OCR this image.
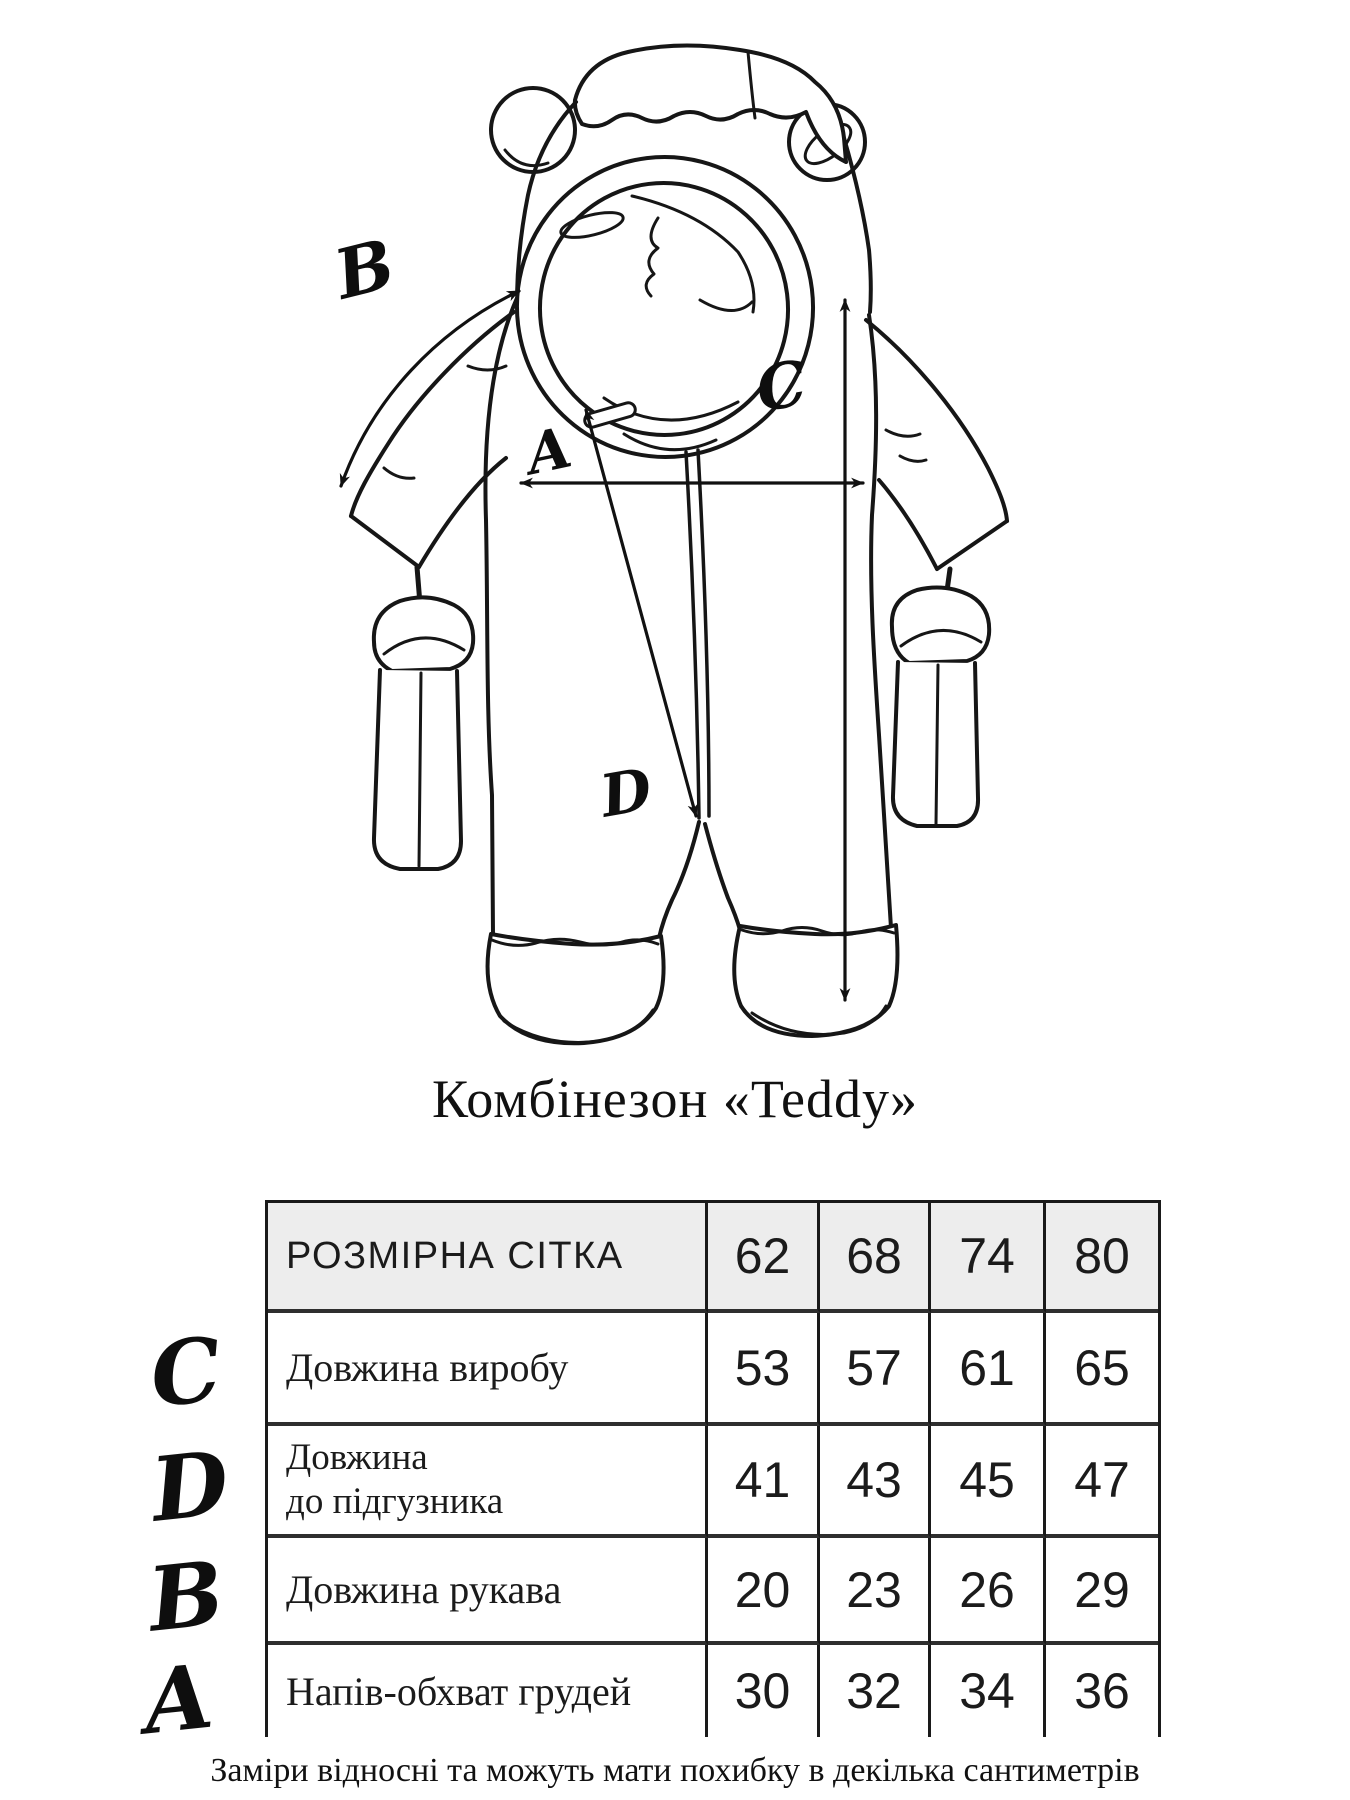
B
A
C
D
Комбінезон «Teddy»
C
D
B
A
РОЗМІРНА СІТКА	62	68	74	80
Довжина виробу	53	57	61	65
Довжина
до підгузника	41	43	45	47
Довжина рукава	20	23	26	29
Напів-обхват грудей	30	32	34	36
Заміри відносні та можуть мати похибку в декілька сантиметрів
